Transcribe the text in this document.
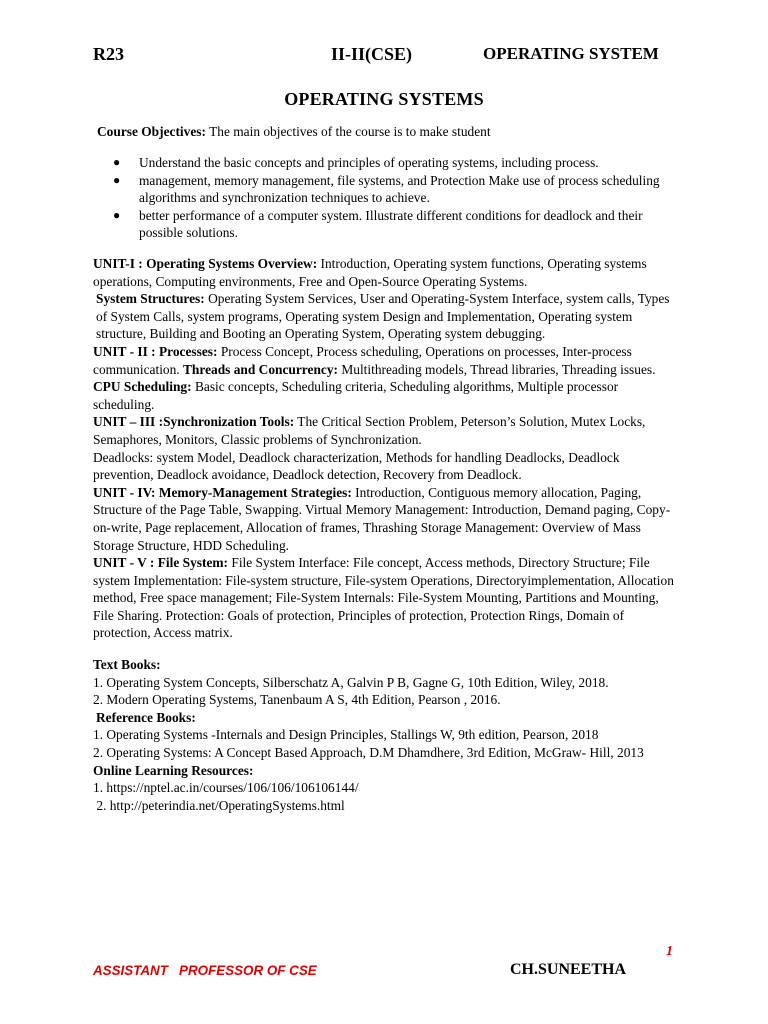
R23	II-II(CSE)	OPERATING SYSTEM
OPERATING SYSTEMS
Course Objectives: The main objectives of the course is to make student
● Understand the basic concepts and principles of operating systems, including process.
● management, memory management, file systems, and Protection Make use of process scheduling algorithms and synchronization techniques to achieve.
● better performance of a computer system. Illustrate different conditions for deadlock and their possible solutions.

UNIT-I : Operating Systems Overview: Introduction, Operating system functions, Operating systems operations, Computing environments, Free and Open-Source Operating Systems.

System Structures: Operating System Services, User and Operating-System Interface, system calls, Types of System Calls, system programs, Operating system Design and Implementation, Operating system structure, Building and Booting an Operating System, Operating system debugging.

UNIT - II : Processes: Process Concept, Process scheduling, Operations on processes, Inter-process communication. Threads and Concurrency: Multithreading models, Thread libraries, Threading issues. CPU Scheduling: Basic concepts, Scheduling criteria, Scheduling algorithms, Multiple processor scheduling.

UNIT – III :Synchronization Tools: The Critical Section Problem, Peterson’s Solution, Mutex Locks, Semaphores, Monitors, Classic problems of Synchronization.

Deadlocks: system Model, Deadlock characterization, Methods for handling Deadlocks, Deadlock prevention, Deadlock avoidance, Deadlock detection, Recovery from Deadlock.

UNIT - IV: Memory-Management Strategies: Introduction, Contiguous memory allocation, Paging, Structure of the Page Table, Swapping. Virtual Memory Management: Introduction, Demand paging, Copy-on-write, Page replacement, Allocation of frames, Thrashing Storage Management: Overview of Mass Storage Structure, HDD Scheduling.

UNIT - V : File System: File System Interface: File concept, Access methods, Directory Structure; File system Implementation: File-system structure, File-system Operations, Directoryimplementation, Allocation method, Free space management; File-System Internals: File-System Mounting, Partitions and Mounting, File Sharing. Protection: Goals of protection, Principles of protection, Protection Rings, Domain of protection, Access matrix.

Text Books:

1. Operating System Concepts, Silberschatz A, Galvin P B, Gagne G, 10th Edition, Wiley, 2018.

2. Modern Operating Systems, Tanenbaum A S, 4th Edition, Pearson , 2016.

Reference Books:

1. Operating Systems -Internals and Design Principles, Stallings W, 9th edition, Pearson, 2018

2. Operating Systems: A Concept Based Approach, D.M Dhamdhere, 3rd Edition, McGraw- Hill, 2013

Online Learning Resources:

1. https://nptel.ac.in/courses/106/106/106106144/

2. http://peterindia.net/OperatingSystems.html

1
ASSISTANT   PROFESSOR OF CSE	CH.SUNEETHA
